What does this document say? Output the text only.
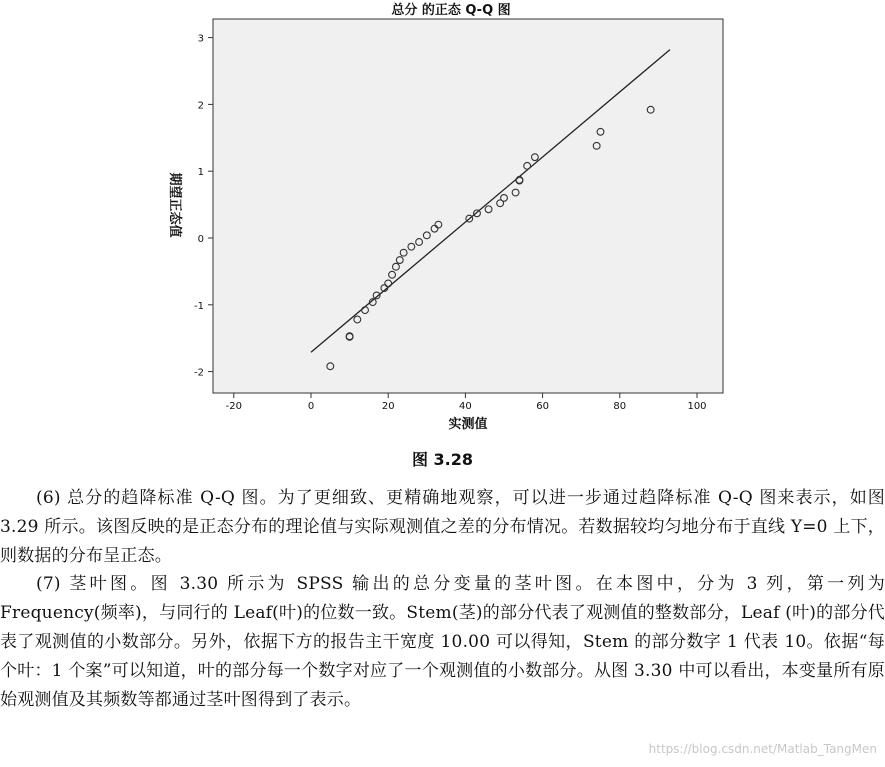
总分 的正态 Q-Q 图
-20	0	20	40	60	80	100
-2
-1
0
1
2
3
期望正态值
实测值
图 3.28
(6) 总分的趋降标准 Q-Q 图。为了更细致、更精确地观察，可以进一步通过趋降标准 Q-Q 图来表示，如图 3.29 所示。该图反映的是正态分布的理论值与实际观测值之差的分布情况。若数据较均匀地分布于直线 Y=0 上下，则数据的分布呈正态。
(7) 茎叶图。图 3.30 所示为 SPSS 输出的总分变量的茎叶图。在本图中，分为 3 列，第一列为 Frequency(频率)，与同行的 Leaf(叶)的位数一致。Stem(茎)的部分代表了观测值的整数部分，Leaf (叶)的部分代表了观测值的小数部分。另外，依据下方的报告主干宽度 10.00 可以得知，Stem 的部分数字 1 代表 10。依据“每个叶：1 个案”可以知道，叶的部分每一个数字对应了一个观测值的小数部分。从图 3.30 中可以看出，本变量所有原始观测值及其频数等都通过茎叶图得到了表示。
https://blog.csdn.net/Matlab_TangMen
